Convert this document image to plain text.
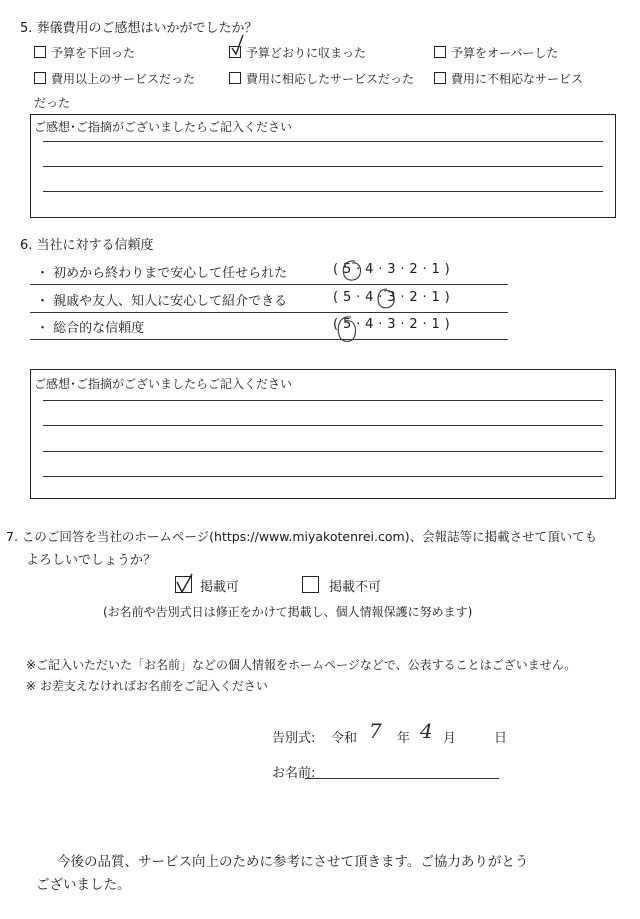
5. 葬儀費用のご感想はいかがでしたか？
予算を下回った	予算どおりに収まった	予算をオーバーした
費用以上のサービスだった	費用に相応したサービスだった	費用に不相応なサービス
だった
ご感想･ご指摘がございましたらご記入ください
6. 当社に対する信頼度
・ 初めから終わりまで安心して任せられた	( 5 · 4 · 3 · 2 · 1 )
・ 親戚や友人、知人に安心して紹介できる	( 5 · 4 · 3 · 2 · 1 )
・ 総合的な信頼度	( 5 · 4 · 3 · 2 · 1 )
ご感想･ご指摘がございましたらご記入ください
7. このご回答を当社のホームページ(https://www.miyakotenrei.com)、会報誌等に掲載させて頂いても
よろしいでしょうか？
掲載可	掲載不可
(お名前や告別式日は修正をかけて掲載し、個人情報保護に努めます)
※ご記入いただいた「お名前」などの個人情報をホームページなどで、公表することはございません。
※ お差支えなければお名前をご記入ください
告別式: 令和 7 年 4 月	日
お名前:
今後の品質、サービス向上のために参考にさせて頂きます。ご協力ありがとう
ございました。
